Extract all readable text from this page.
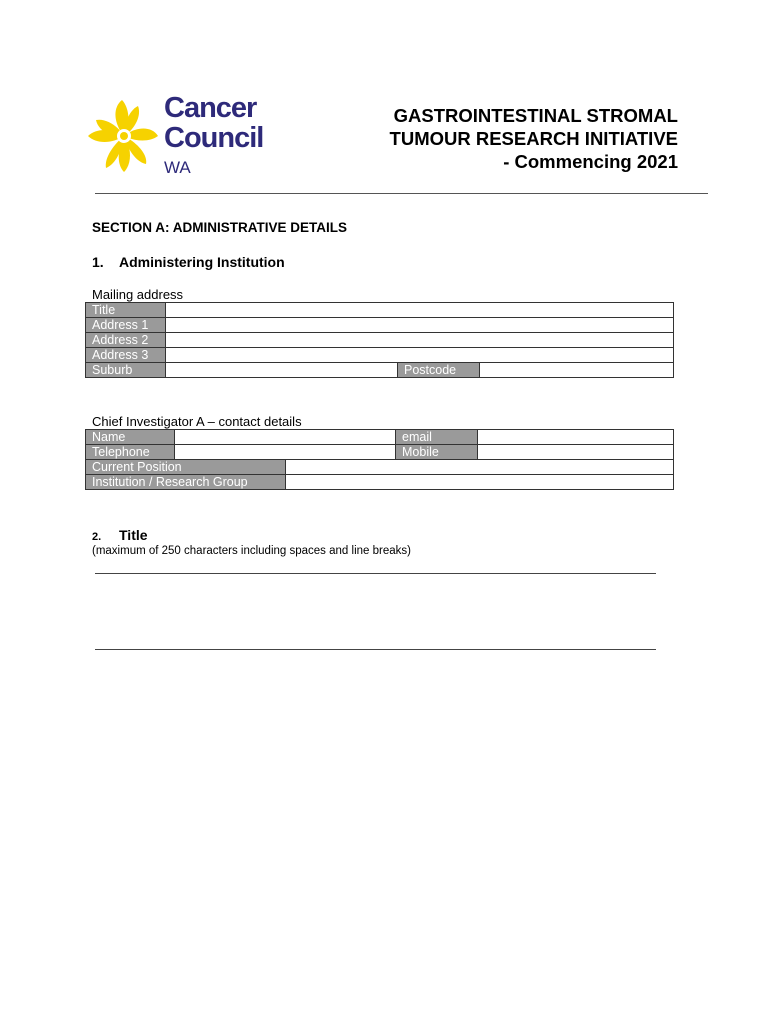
Cancer
Council
WA
GASTROINTESTINAL STROMAL
TUMOUR RESEARCH INITIATIVE
- Commencing 2021
SECTION A: ADMINISTRATIVE DETAILS
1. Administering Institution
Mailing address
Title			
Address 1			
Address 2			
Address 3			
Suburb		Postcode	
Chief Investigator A – contact details
Name			email	
Telephone			Mobile	
Current Position				
Institution / Research Group				
2. Title
(maximum of 250 characters including spaces and line breaks)
